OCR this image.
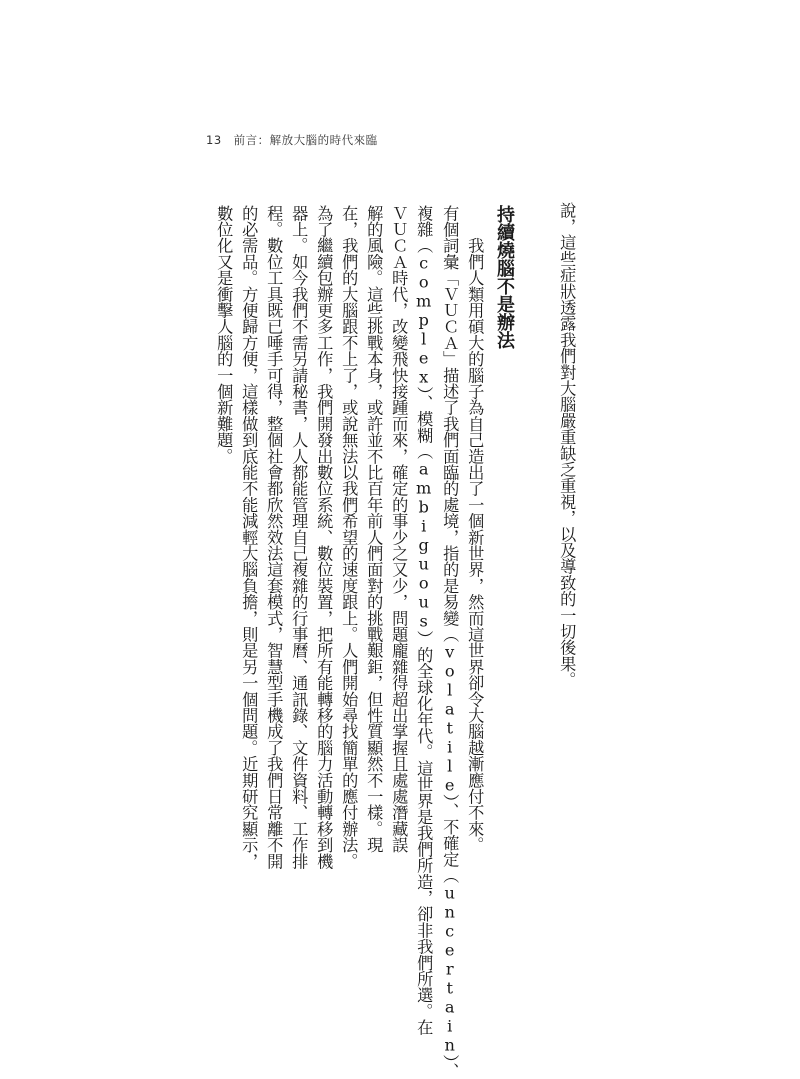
13 前言：解放大腦的時代來臨
說，這些症狀透露我們對大腦嚴重缺乏重視，以及導致的一切後果。
持續燒腦不是辦法
　　我們人類用碩大的腦子為自己造出了一個新世界，然而這世界卻令大腦越漸應付不來。
有個詞彙「ＶＵＣＡ」描述了我們面臨的處境，指的是易變（volatile）、不確定（uncertain）、
複雜（complex）、模糊（ambiguous）的全球化年代。這世界是我們所造，卻非我們所選。在
ＶＵＣＡ時代，改變飛快接踵而來，確定的事少之又少，問題龐雜得超出掌握且處處潛藏誤
解的風險。這些挑戰本身，或許並不比百年前人們面對的挑戰艱鉅，但性質顯然不一樣。現
在，我們的大腦跟不上了，或說無法以我們希望的速度跟上。人們開始尋找簡單的應付辦法。
為了繼續包辦更多工作，我們開發出數位系統、數位裝置，把所有能轉移的腦力活動轉移到機
器上。如今我們不需另請秘書，人人都能管理自己複雜的行事曆、通訊錄、文件資料、工作排
程。數位工具既已唾手可得，整個社會都欣然效法這套模式，智慧型手機成了我們日常離不開
的必需品。方便歸方便，這樣做到底能不能減輕大腦負擔，則是另一個問題。近期研究顯示，
數位化又是衝擊人腦的一個新難題。
